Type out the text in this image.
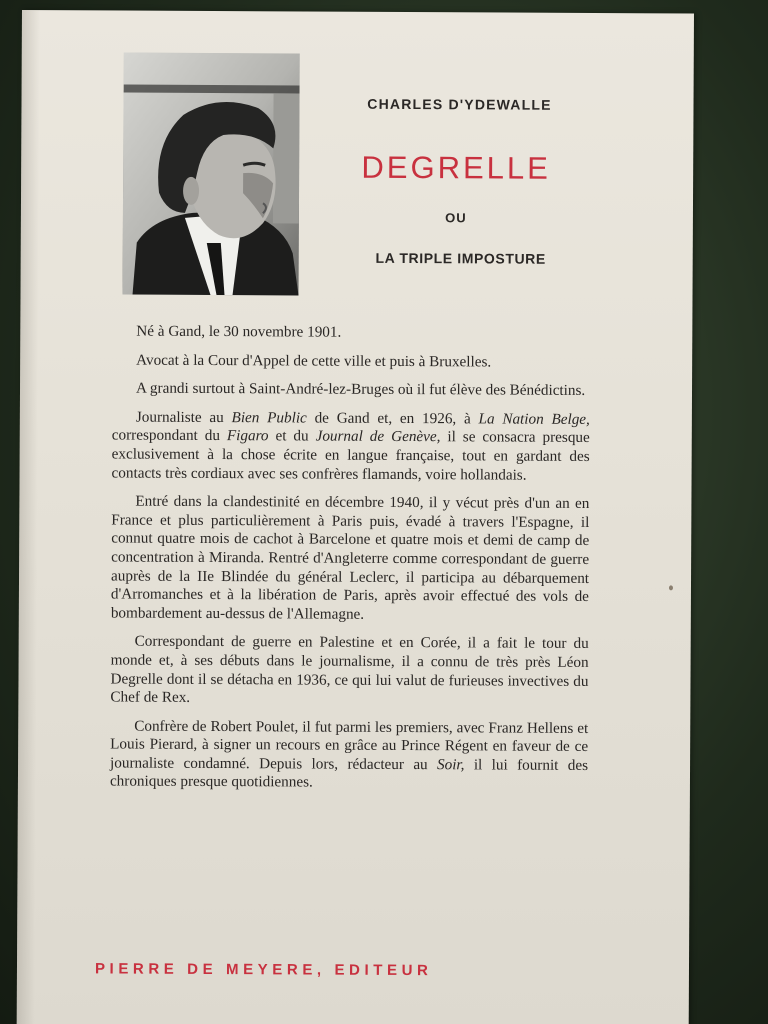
CHARLES D'YDEWALLE
DEGRELLE
OU
LA TRIPLE IMPOSTURE

Né à Gand, le 30 novembre 1901.

Avocat à la Cour d'Appel de cette ville et puis à Bruxelles.

A grandi surtout à Saint-André-lez-Bruges où il fut élève des Bénédictins.

Journaliste au Bien Public de Gand et, en 1926, à La Nation Belge, correspondant du Figaro et du Journal de Genève, il se consacra presque exclusivement à la chose écrite en langue française, tout en gardant des contacts très cordiaux avec ses confrères flamands, voire hollandais.

Entré dans la clandestinité en décembre 1940, il y vécut près d'un an en France et plus particulièrement à Paris puis, évadé à travers l'Espagne, il connut quatre mois de cachot à Barcelone et quatre mois et demi de camp de concentration à Miranda. Rentré d'Angleterre comme correspondant de guerre auprès de la IIe Blindée du général Leclerc, il participa au débarquement d'Arromanches et à la libération de Paris, après avoir effectué des vols de bombardement au-dessus de l'Allemagne.

Correspondant de guerre en Palestine et en Corée, il a fait le tour du monde et, à ses débuts dans le journalisme, il a connu de très près Léon Degrelle dont il se détacha en 1936, ce qui lui valut de furieuses invectives du Chef de Rex.

Confrère de Robert Poulet, il fut parmi les premiers, avec Franz Hellens et Louis Pierard, à signer un recours en grâce au Prince Régent en faveur de ce journaliste condamné. Depuis lors, rédacteur au Soir, il lui fournit des chroniques presque quotidiennes.

PIERRE DE MEYERE, EDITEUR
